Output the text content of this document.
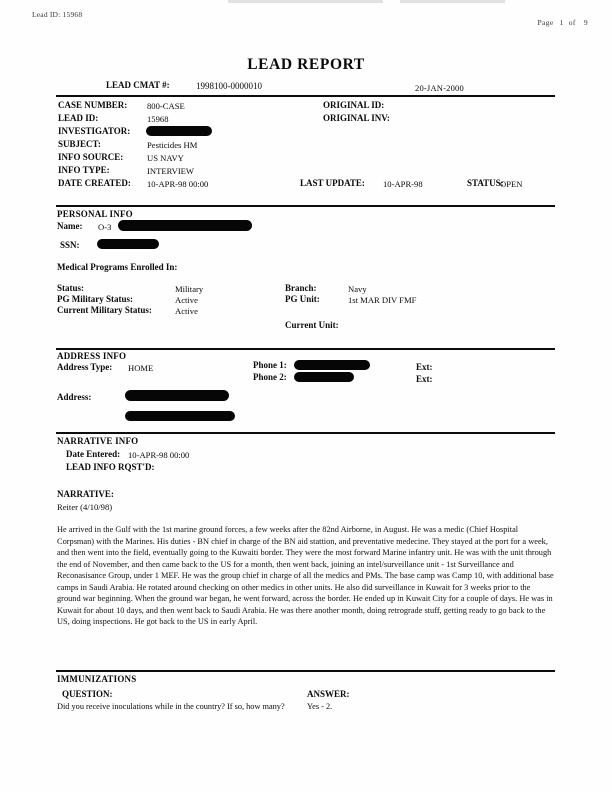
Lead ID: 15968
Page 1 of 9
LEAD REPORT
LEAD CMAT #:	1998100-0000010	20-JAN-2000
CASE NUMBER: 800-CASE
LEAD ID:	15968
INVESTIGATOR:
SUBJECT:	Pesticides HM
INFO SOURCE:	US NAVY
INFO TYPE:	INTERVIEW
DATE CREATED: 10-APR-98 00:00
ORIGINAL ID:
ORIGINAL INV:
LAST UPDATE: 10-APR-98	STATUS:
OPEN
PERSONAL INFO
Name: O-3
SSN:
Medical Programs Enrolled In:
Status:	Military
PG Military Status:	Active
Current Military Status:	Active
Branch:	Navy
PG Unit:	1st MAR DIV FMF
Current Unit:
ADDRESS INFO
Address Type: HOME	Phone 1:	Ext:
Phone 2:	Ext:
Address:
NARRATIVE INFO
Date Entered: 10-APR-98 00:00
LEAD INFO RQST'D:
NARRATIVE:
Reiter (4/10/98)
He arrived in the Gulf with the 1st marine ground forces, a few weeks after the 82nd Airborne, in August. He was a medic (Chief Hospital Corpsman) with the Marines. His duties - BN chief in charge of the BN aid stattion, and preventative medecine. They stayed at the port for a week, and then went into the field, eventually going to the Kuwaiti border. They were the most forward Marine infantry unit. He was with the unit through the end of November, and then came back to the US for a month, then went back, joining an intel/surveillance unit - 1st Surveillance and Reconasisance Group, under 1 MEF. He was the group chief in charge of all the medics and PMs. The base camp was Camp 10, with additional base camps in Saudi Arabia. He rotated around checking on other medics in other units. He also did surveillance in Kuwait for 3 weeks prior to the ground war beginning. When the ground war began, he went forward, across the border. He ended up in Kuwait City for a couple of days. He was in Kuwait for about 10 days, and then went back to Saudi Arabia. He was there another month, doing retrograde stuff, getting ready to go back to the US, doing inspections. He got back to the US in early April.
IMMUNIZATIONS
QUESTION:	ANSWER:
Did you receive inoculations while in the country? If so, how many?	Yes - 2.
